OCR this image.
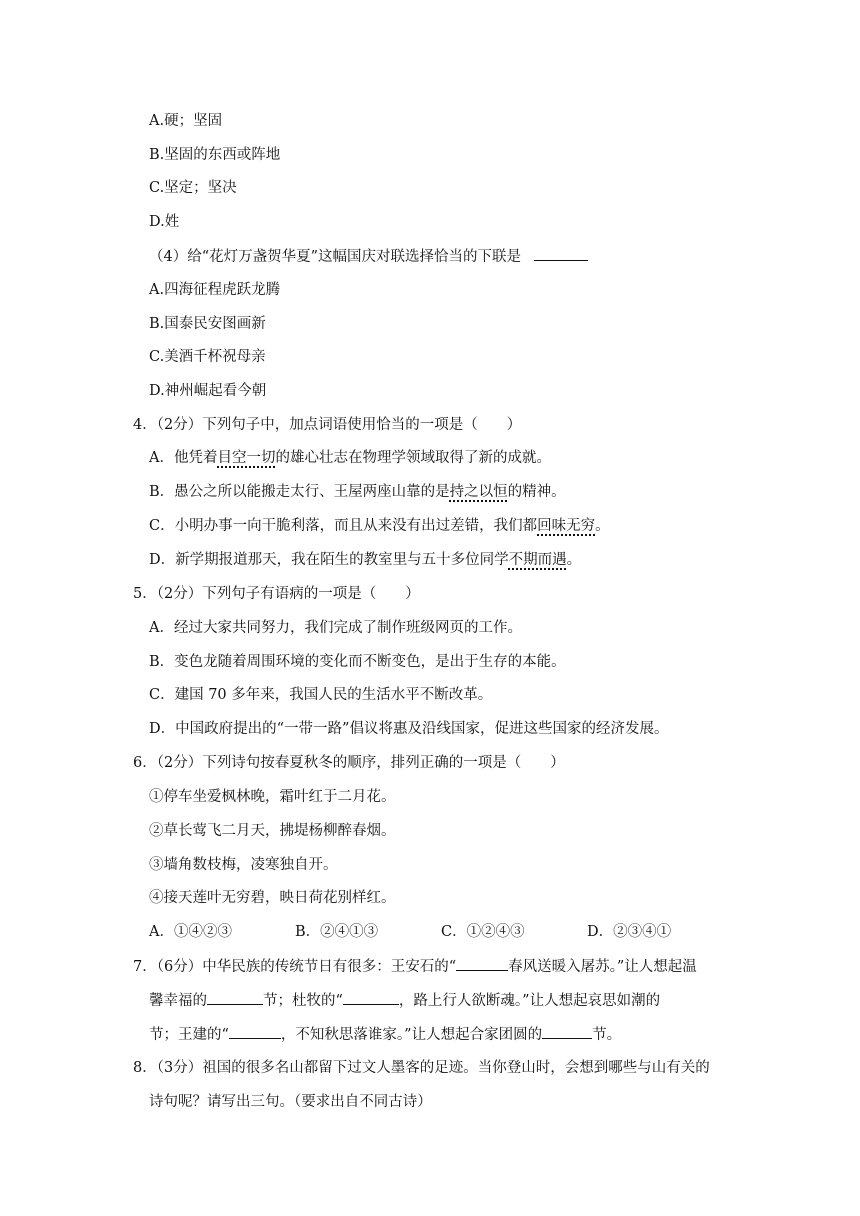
A.硬；坚固
B.坚固的东西或阵地
C.坚定；坚决
D.姓
（4）给“花灯万盏贺华夏”这幅国庆对联选择恰当的下联是
A.四海征程虎跃龙腾
B.国泰民安图画新
C.美酒千杯祝母亲
D.神州崛起看今朝
4．（2分）下列句子中，加点词语使用恰当的一项是（　　）
A．他凭着目空一切的雄心壮志在物理学领域取得了新的成就。
B．愚公之所以能搬走太行、王屋两座山靠的是持之以恒的精神。
C．小明办事一向干脆利落，而且从来没有出过差错，我们都回味无穷。
D．新学期报道那天，我在陌生的教室里与五十多位同学不期而遇。
5．（2分）下列句子有语病的一项是（　　）
A．经过大家共同努力，我们完成了制作班级网页的工作。
B．变色龙随着周围环境的变化而不断变色，是出于生存的本能。
C．建国 70 多年来，我国人民的生活水平不断改革。
D．中国政府提出的“一带一路”倡议将惠及沿线国家，促进这些国家的经济发展。
6．（2分）下列诗句按春夏秋冬的顺序，排列正确的一项是（　　）
①停车坐爱枫林晚，霜叶红于二月花。
②草长莺飞二月天，拂堤杨柳醉春烟。
③墙角数枝梅，凌寒独自开。
④接天莲叶无穷碧，映日荷花别样红。
A．①④②③	B．②④①③	C．①②④③	D．②③④①
7．（6分）中华民族的传统节日有很多：王安石的“	春风送暖入屠苏。”让人想起温
馨幸福的	节；杜牧的“	，路上行人欲断魂。”让人想起哀思如潮的
节；王建的“	，不知秋思落谁家。”让人想起合家团圆的	节。
8．（3分）祖国的很多名山都留下过文人墨客的足迹。当你登山时，会想到哪些与山有关的
诗句呢？请写出三句。（要求出自不同古诗）
